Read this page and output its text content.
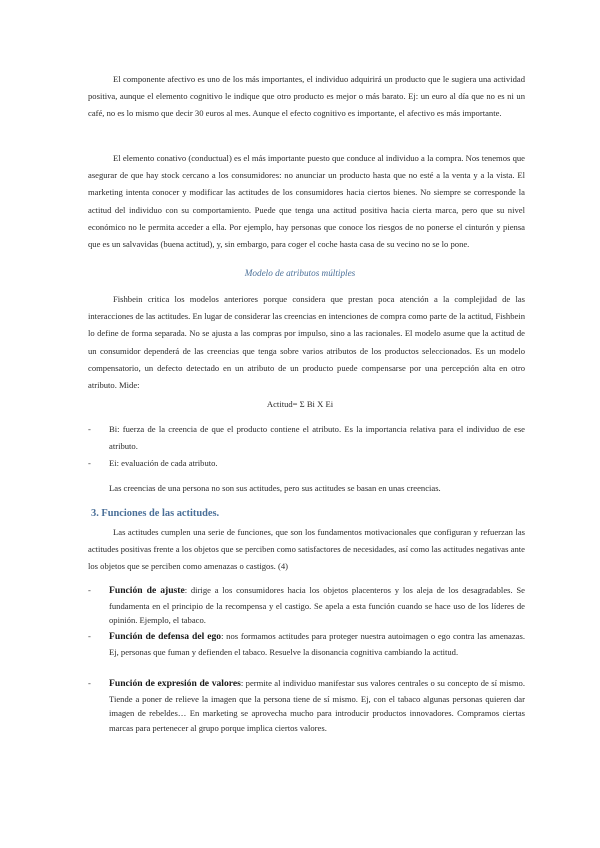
El componente afectivo es uno de los más importantes, el individuo adquirirá un producto que le sugiera una actividad positiva, aunque el elemento cognitivo le indique que otro producto es mejor o más barato. Ej: un euro al día que no es ni un café, no es lo mismo que decir 30 euros al mes. Aunque el efecto cognitivo es importante, el afectivo es más importante.

El elemento conativo (conductual) es el más importante puesto que conduce al individuo a la compra. Nos tenemos que asegurar de que hay stock cercano a los consumidores: no anunciar un producto hasta que no esté a la venta y a la vista. El marketing intenta conocer y modificar las actitudes de los consumidores hacia ciertos bienes. No siempre se corresponde la actitud del individuo con su comportamiento. Puede que tenga una actitud positiva hacia cierta marca, pero que su nivel económico no le permita acceder a ella. Por ejemplo, hay personas que conoce los riesgos de no ponerse el cinturón y piensa que es un salvavidas (buena actitud), y, sin embargo, para coger el coche hasta casa de su vecino no se lo pone.

Modelo de atributos múltiples

Fishbein critica los modelos anteriores porque considera que prestan poca atención a la complejidad de las interacciones de las actitudes. En lugar de considerar las creencias en intenciones de compra como parte de la actitud, Fishbein lo define de forma separada. No se ajusta a las compras por impulso, sino a las racionales. El modelo asume que la actitud de un consumidor dependerá de las creencias que tenga sobre varios atributos de los productos seleccionados. Es un modelo compensatorio, un defecto detectado en un atributo de un producto puede compensarse por una percepción alta en otro atributo. Mide:

Actitud= Σ Bi X Ei
- Bi: fuerza de la creencia de que el producto contiene el atributo. Es la importancia relativa para el individuo de ese atributo.
- Ei: evaluación de cada atributo.

Las creencias de una persona no son sus actitudes, pero sus actitudes se basan en unas creencias.

3. Funciones de las actitudes.

Las actitudes cumplen una serie de funciones, que son los fundamentos motivacionales que configuran y refuerzan las actitudes positivas frente a los objetos que se perciben como satisfactores de necesidades, así como las actitudes negativas ante los objetos que se perciben como amenazas o castigos. (4)

- Función de ajuste: dirige a los consumidores hacia los objetos placenteros y los aleja de los desagradables. Se fundamenta en el principio de la recompensa y el castigo. Se apela a esta función cuando se hace uso de los líderes de opinión. Ejemplo, el tabaco.
- Función de defensa del ego: nos formamos actitudes para proteger nuestra autoimagen o ego contra las amenazas. Ej, personas que fuman y defienden el tabaco. Resuelve la disonancia cognitiva cambiando la actitud.
- Función de expresión de valores: permite al individuo manifestar sus valores centrales o su concepto de sí mismo. Tiende a poner de relieve la imagen que la persona tiene de sí mismo. Ej, con el tabaco algunas personas quieren dar imagen de rebeldes… En marketing se aprovecha mucho para introducir productos innovadores. Compramos ciertas marcas para pertenecer al grupo porque implica ciertos valores.
